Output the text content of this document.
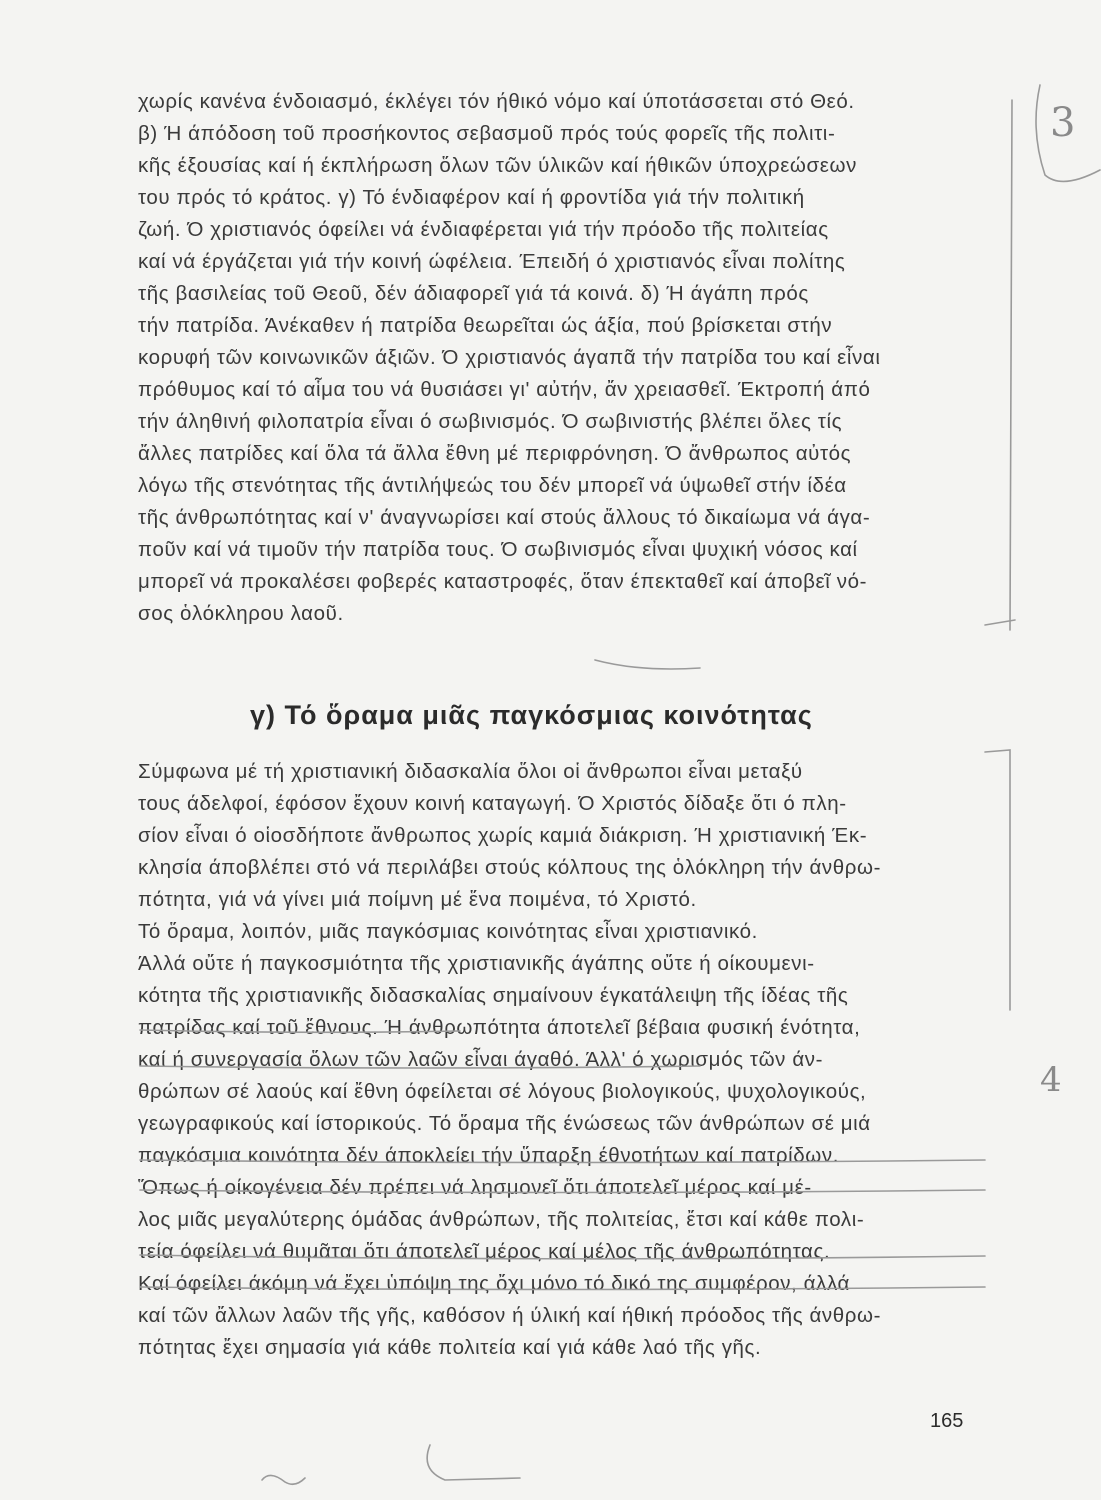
χωρίς κανένα ένδοιασμό, έκλέγει τόν ήθικό νόμο καί ύποτάσσεται στό Θεό.
β) Ή άπόδοση τοῦ προσήκοντος σεβασμοῦ πρός τούς φορεῖς τῆς πολιτι-
κῆς έξουσίας καί ή έκπλήρωση ὅλων τῶν ύλικῶν καί ήθικῶν ύποχρεώσεων
του πρός τό κράτος. γ) Τό ένδιαφέρον καί ή φροντίδα γιά τήν πολιτική
ζωή. Ό χριστιανός όφείλει νά ένδιαφέρεται γιά τήν πρόοδο τῆς πολιτείας
καί νά έργάζεται γιά τήν κοινή ώφέλεια. Έπειδή ό χριστιανός εἶναι πολίτης
τῆς βασιλείας τοῦ Θεοῦ, δέν άδιαφορεῖ γιά τά κοινά. δ) Ή άγάπη πρός
τήν πατρίδα. Άνέκαθεν ή πατρίδα θεωρεῖται ώς άξία, πού βρίσκεται στήν
κορυφή τῶν κοινωνικῶν άξιῶν. Ό χριστιανός άγαπᾶ τήν πατρίδα του καί εἶναι
πρόθυμος καί τό αἷμα του νά θυσιάσει γι' αὐτήν, ἄν χρειασθεῖ. Έκτροπή άπό
τήν άληθινή φιλοπατρία εἶναι ό σωβινισμός. Ό σωβινιστής βλέπει ὅλες τίς
ἄλλες πατρίδες καί ὅλα τά ἄλλα ἔθνη μέ περιφρόνηση. Ό ἄνθρωπος αὐτός
λόγω τῆς στενότητας τῆς άντιλήψεώς του δέν μπορεῖ νά ύψωθεῖ στήν ίδέα
τῆς άνθρωπότητας καί ν' άναγνωρίσει καί στούς ἄλλους τό δικαίωμα νά άγα-
ποῦν καί νά τιμοῦν τήν πατρίδα τους. Ό σωβινισμός εἶναι ψυχική νόσος καί
μπορεῖ νά προκαλέσει φοβερές καταστροφές, ὅταν έπεκταθεῖ καί άποβεῖ νό-
σος ὁλόκληρου λαοῦ.
γ) Τό ὅραμα μιᾶς παγκόσμιας κοινότητας
Σύμφωνα μέ τή χριστιανική διδασκαλία ὅλοι οἱ ἄνθρωποι εἶναι μεταξύ
τους άδελφοί, έφόσον ἔχουν κοινή καταγωγή. Ό Χριστός δίδαξε ὅτι ό πλη-
σίον εἶναι ό οἱοσδήποτε ἄνθρωπος χωρίς καμιά διάκριση. Ή χριστιανική Έκ-
κλησία άποβλέπει στό νά περιλάβει στούς κόλπους της ὁλόκληρη τήν άνθρω-
πότητα, γιά νά γίνει μιά ποίμνη μέ ἕνα ποιμένα, τό Χριστό.
Τό ὅραμα, λοιπόν, μιᾶς παγκόσμιας κοινότητας εἶναι χριστιανικό.
Άλλά οὔτε ή παγκοσμιότητα τῆς χριστιανικῆς άγάπης οὔτε ή οίκουμενι-
κότητα τῆς χριστιανικῆς διδασκαλίας σημαίνουν έγκατάλειψη τῆς ίδέας τῆς
πατρίδας καί τοῦ ἔθνους. Ή άνθρωπότητα άποτελεῖ βέβαια φυσική ένότητα,
καί ή συνεργασία ὅλων τῶν λαῶν εἶναι άγαθό. Άλλ' ό χωρισμός τῶν άν-
θρώπων σέ λαούς καί ἔθνη όφείλεται σέ λόγους βιολογικούς, ψυχολογικούς,
γεωγραφικούς καί ίστορικούς. Τό ὅραμα τῆς ένώσεως τῶν άνθρώπων σέ μιά
παγκόσμια κοινότητα δέν άποκλείει τήν ὕπαρξη έθνοτήτων καί πατρίδων.
Ὅπως ή οίκογένεια δέν πρέπει νά λησμονεῖ ὅτι άποτελεῖ μέρος καί μέ-
λος μιᾶς μεγαλύτερης όμάδας άνθρώπων, τῆς πολιτείας, ἔτσι καί κάθε πολι-
τεία όφείλει νά θυμᾶται ὅτι άποτελεῖ μέρος καί μέλος τῆς άνθρωπότητας.
Καί όφείλει άκόμη νά ἔχει ὑπόψη της ὄχι μόνο τό δικό της συμφέρον, άλλά
καί τῶν ἄλλων λαῶν τῆς γῆς, καθόσον ή ύλική καί ήθική πρόοδος τῆς άνθρω-
πότητας ἔχει σημασία γιά κάθε πολιτεία καί γιά κάθε λαό τῆς γῆς.
165
3
4
